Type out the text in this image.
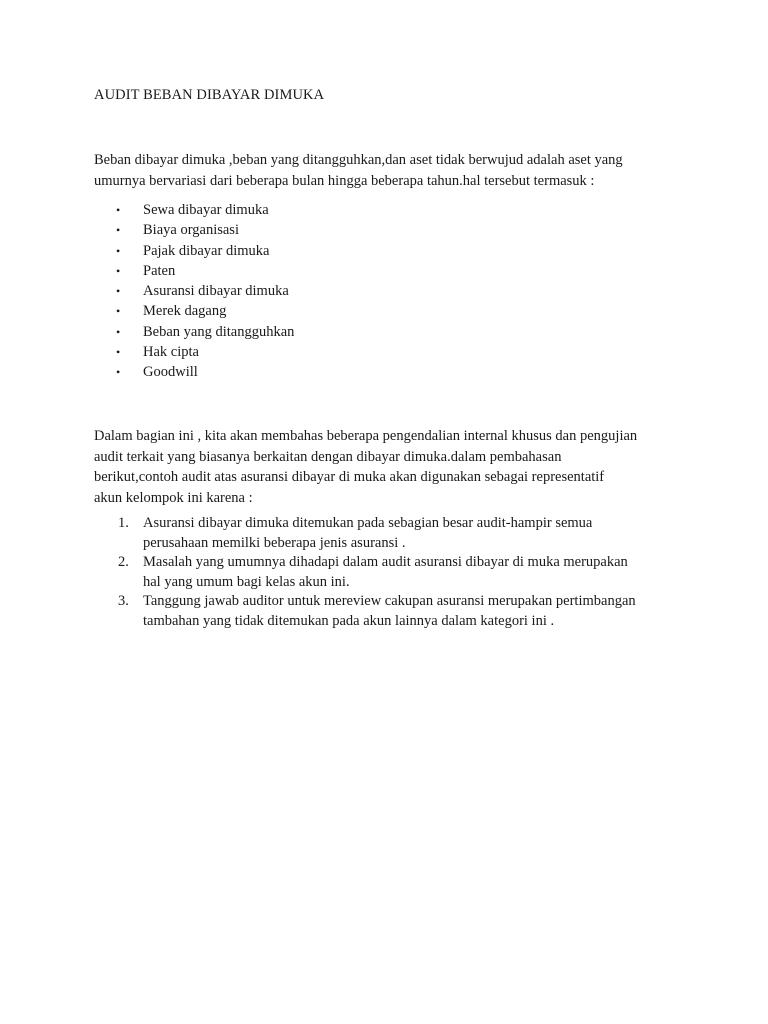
AUDIT BEBAN DIBAYAR DIMUKA

Beban dibayar dimuka ,beban yang ditangguhkan,dan aset tidak berwujud adalah aset yang
umurnya bervariasi dari beberapa bulan hingga beberapa tahun.hal tersebut termasuk :

• Sewa dibayar dimuka
• Biaya organisasi
• Pajak dibayar dimuka
• Paten
• Asuransi dibayar dimuka
• Merek dagang
• Beban yang ditangguhkan
• Hak cipta
• Goodwill

Dalam bagian ini , kita akan membahas beberapa pengendalian internal khusus dan pengujian
audit terkait yang biasanya berkaitan dengan dibayar dimuka.dalam pembahasan
berikut,contoh audit atas asuransi dibayar di muka akan digunakan sebagai representatif
akun kelompok ini karena :

1. Asuransi dibayar dimuka ditemukan pada sebagian besar audit-hampir semua
perusahaan memilki beberapa jenis asuransi .
2. Masalah yang umumnya dihadapi dalam audit asuransi dibayar di muka merupakan
hal yang umum bagi kelas akun ini.
3. Tanggung jawab auditor untuk mereview cakupan asuransi merupakan pertimbangan
tambahan yang tidak ditemukan pada akun lainnya dalam kategori ini .
